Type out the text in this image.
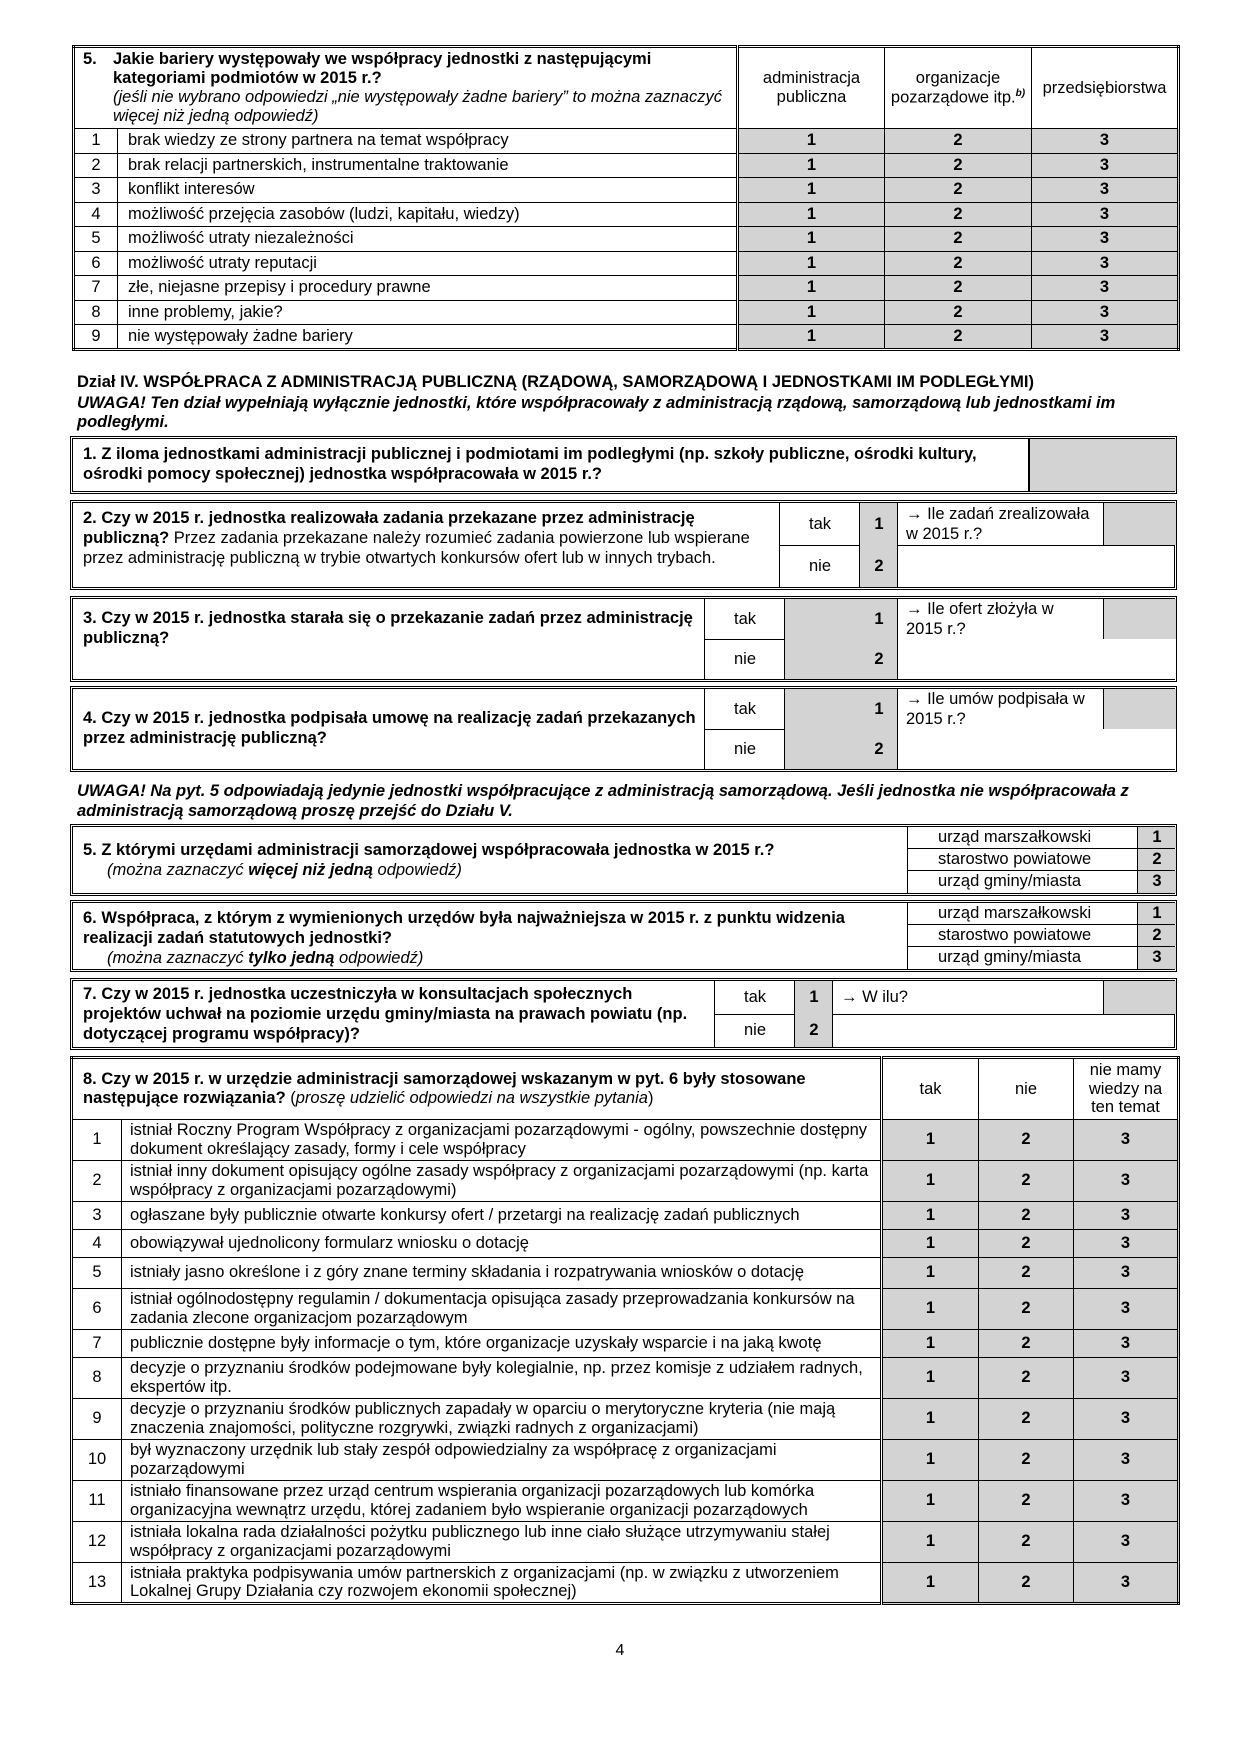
5. Jakie bariery występowały we współpracy jednostki z następującymi kategoriami podmiotów w 2015 r.?
(jeśli nie wybrano odpowiedzi „nie występowały żadne bariery” to można zaznaczyć więcej niż jedną odpowiedź)		administracja publiczna	organizacje pozarządowe itp.$^{b)}$	przedsiębiorstwa
1	brak wiedzy ze strony partnera na temat współpracy	1	2	3
2	brak relacji partnerskich, instrumentalne traktowanie	1	2	3
3	konflikt interesów	1	2	3
4	możliwość przejęcia zasobów (ludzi, kapitału, wiedzy)	1	2	3
5	możliwość utraty niezależności	1	2	3
6	możliwość utraty reputacji	1	2	3
7	złe, niejasne przepisy i procedury prawne	1	2	3
8	inne problemy, jakie?	1	2	3
9	nie występowały żadne bariery	1	2	3
Dział IV. WSPÓŁPRACA Z ADMINISTRACJĄ PUBLICZNĄ (RZĄDOWĄ, SAMORZĄDOWĄ I JEDNOSTKAMI IM PODLEGŁYMI)
UWAGA! Ten dział wypełniają wyłącznie jednostki, które współpracowały z administracją rządową, samorządową lub jednostkami im podległymi.
1. Z iloma jednostkami administracji publicznej i podmiotami im podległymi (np. szkoły publiczne, ośrodki kultury, ośrodki pomocy społecznej) jednostka współpracowała w 2015 r.?
2. Czy w 2015 r. jednostka realizowała zadania przekazane przez administrację publiczną? Przez zadania przekazane należy rozumieć zadania powierzone lub wspierane przez administrację publiczną w trybie otwartych konkursów ofert lub w innych trybach.
tak	1
nie	2
→ Ile zadań zrealizowała w 2015 r.?
3. Czy w 2015 r. jednostka starała się o przekazanie zadań przez administrację publiczną?
tak	1
nie	2
→ Ile ofert złożyła w 2015 r.?
4. Czy w 2015 r. jednostka podpisała umowę na realizację zadań przekazanych przez administrację publiczną?
tak	1
nie	2
→ Ile umów podpisała w 2015 r.?
UWAGA! Na pyt. 5 odpowiadają jedynie jednostki współpracujące z administracją samorządową. Jeśli jednostka nie współpracowała z administracją samorządową proszę przejść do Działu V.
5. Z którymi urzędami administracji samorządowej współpracowała jednostka w 2015 r.?
(można zaznaczyć więcej niż jedną odpowiedź)
urząd marszałkowski	1
starostwo powiatowe	2
urząd gminy/miasta	3
6. Współpraca, z którym z wymienionych urzędów była najważniejsza w 2015 r. z punktu widzenia realizacji zadań statutowych jednostki?
(można zaznaczyć tylko jedną odpowiedź)
urząd marszałkowski	1
starostwo powiatowe	2
urząd gminy/miasta	3
7. Czy w 2015 r. jednostka uczestniczyła w konsultacjach społecznych projektów uchwał na poziomie urzędu gminy/miasta na prawach powiatu (np. dotyczącej programu współpracy)?
tak	1
nie	2
→ W ilu?
8. Czy w 2015 r. w urzędzie administracji samorządowej wskazanym w pyt. 6 były stosowane następujące rozwiązania? (proszę udzielić odpowiedzi na wszystkie pytania)		tak	nie	nie mamy wiedzy na ten temat
1	istniał Roczny Program Współpracy z organizacjami pozarządowymi - ogólny, powszechnie dostępny dokument określający zasady, formy i cele współpracy	1	2	3
2	istniał inny dokument opisujący ogólne zasady współpracy z organizacjami pozarządowymi (np. karta współpracy z organizacjami pozarządowymi)	1	2	3
3	ogłaszane były publicznie otwarte konkursy ofert / przetargi na realizację zadań publicznych	1	2	3
4	obowiązywał ujednolicony formularz wniosku o dotację	1	2	3
5	istniały jasno określone i z góry znane terminy składania i rozpatrywania wniosków o dotację	1	2	3
6	istniał ogólnodostępny regulamin / dokumentacja opisująca zasady przeprowadzania konkursów na zadania zlecone organizacjom pozarządowym	1	2	3
7	publicznie dostępne były informacje o tym, które organizacje uzyskały wsparcie i na jaką kwotę	1	2	3
8	decyzje o przyznaniu środków podejmowane były kolegialnie, np. przez komisje z udziałem radnych, ekspertów itp.	1	2	3
9	decyzje o przyznaniu środków publicznych zapadały w oparciu o merytoryczne kryteria (nie mają znaczenia znajomości, polityczne rozgrywki, związki radnych z organizacjami)	1	2	3
10	był wyznaczony urzędnik lub stały zespół odpowiedzialny za współpracę z organizacjami pozarządowymi	1	2	3
11	istniało finansowane przez urząd centrum wspierania organizacji pozarządowych lub komórka organizacyjna wewnątrz urzędu, której zadaniem było wspieranie organizacji pozarządowych	1	2	3
12	istniała lokalna rada działalności pożytku publicznego lub inne ciało służące utrzymywaniu stałej współpracy z organizacjami pozarządowymi	1	2	3
13	istniała praktyka podpisywania umów partnerskich z organizacjami (np. w związku z utworzeniem Lokalnej Grupy Działania czy rozwojem ekonomii społecznej)	1	2	3
4
